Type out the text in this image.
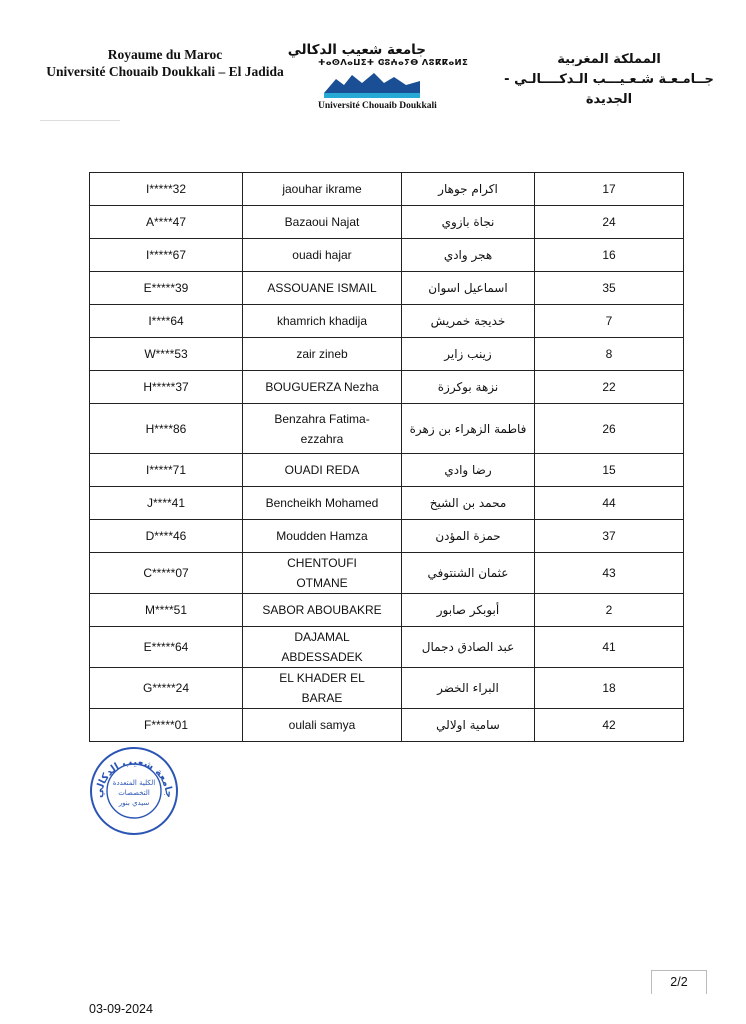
Royaume du Maroc
Université Chouaib Doukkali – El Jadida
جامعة شعيب الدكالي
ⵜⴰⵙⴷⴰⵡⵉⵜ ⵛⵓⵄⴰⵢⴱ ⴷⵓⴽⴽⴰⵍⵉ
Université Chouaib Doukkali
المملكة المغربية
جــامـعـة شـعـيـــب الـدكــــالـي - الجديدة
I*****32	jaouhar ikrame	اكرام جوهار	17
A****47	Bazaoui Najat	نجاة بازوي	24
I*****67	ouadi hajar	هجر وادي	16
E*****39	ASSOUANE ISMAIL	اسماعيل اسوان	35
I****64	khamrich khadija	خديجة خمريش	7
W****53	zair zineb	زينب زاير	8
H*****37	BOUGUERZA Nezha	نزهة بوكرزة	22
H****86	Benzahra Fatima-ezzahra	فاطمة الزهراء بن زهرة	26
I*****71	OUADI REDA	رضا وادي	15
J****41	Bencheikh Mohamed	محمد بن الشيخ	44
D****46	Moudden Hamza	حمزة المؤدن	37
C*****07	CHENTOUFI OTMANE	عثمان الشنتوفي	43
M****51	SABOR ABOUBAKRE	أبوبكر صابور	2
E*****64	DAJAMAL ABDESSADEK	عبد الصادق دجمال	41
G*****24	EL KHADER EL BARAE	البراء الخضر	18
F*****01	oulali samya	سامية اولالي	42
جامعة شعيب الدكالي
الكلية المتعددة
التخصصات
سيدي بنور
2/2
03-09-2024
